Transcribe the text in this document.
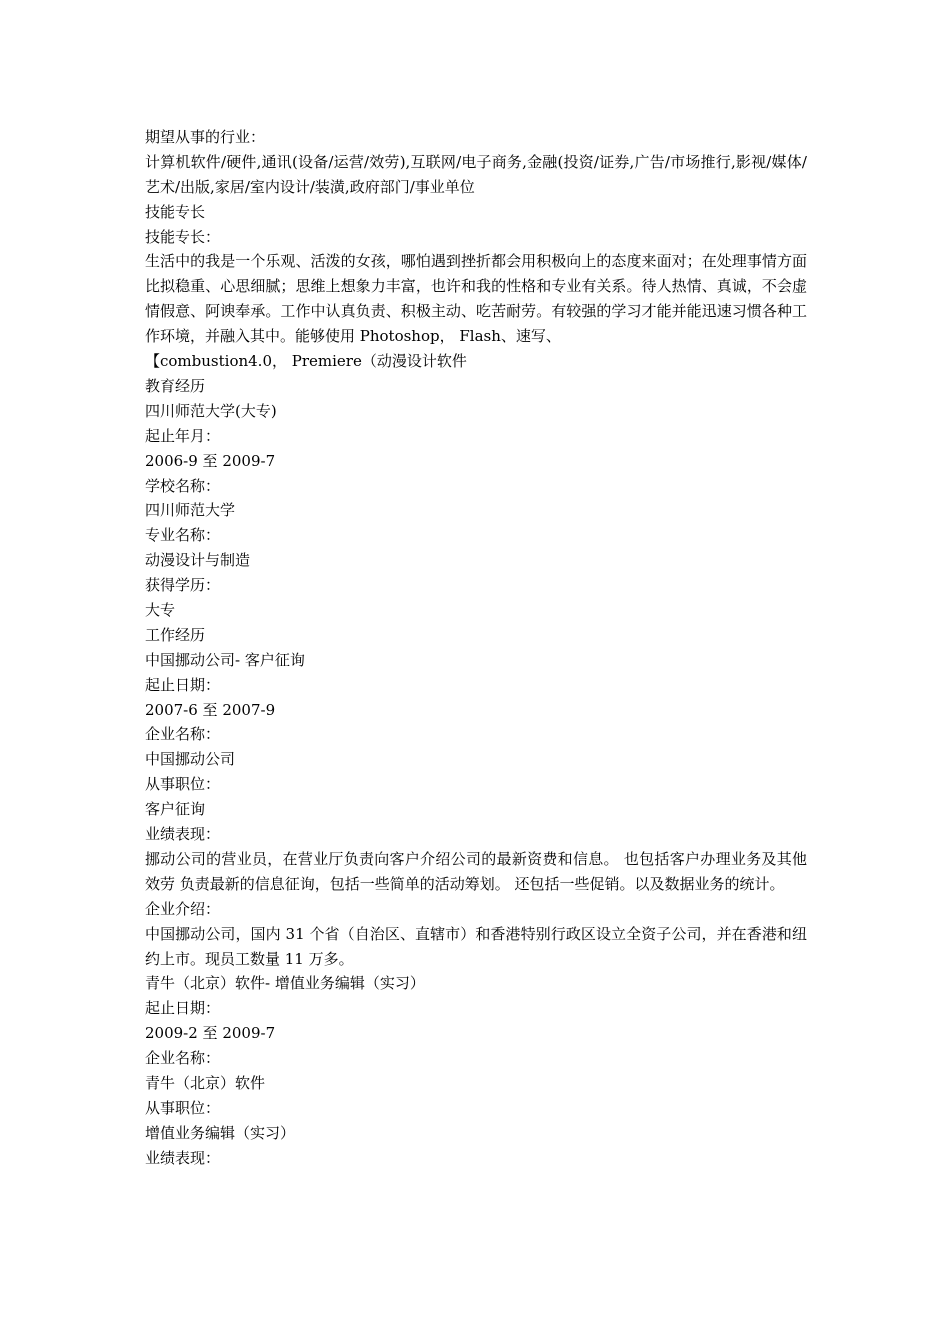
期望从事的行业：
计算机软件/硬件,通讯(设备/运营/效劳),互联网/电子商务,金融(投资/证券,广告/市场推行,影视/媒体/艺术/出版,家居/室内设计/装潢,政府部门/事业单位
技能专长
技能专长：
生活中的我是一个乐观、活泼的女孩，哪怕遇到挫折都会用积极向上的态度来面对；在处理事情方面比拟稳重、心思细腻；思维上想象力丰富，也许和我的性格和专业有关系。待人热情、真诚，不会虚情假意、阿谀奉承。工作中认真负责、积极主动、吃苦耐劳。有较强的学习才能并能迅速习惯各种工作环境，并融入其中。能够使用 Photoshop， Flash、速写、
【combustion4.0， Premiere（动漫设计软件
教育经历
四川师范大学(大专)
起止年月：
2006-9 至 2009-7
学校名称：
四川师范大学
专业名称：
动漫设计与制造
获得学历：
大专
工作经历
中国挪动公司- 客户征询
起止日期：
2007-6 至 2007-9
企业名称：
中国挪动公司
从事职位：
客户征询
业绩表现：
挪动公司的营业员，在营业厅负责向客户介绍公司的最新资费和信息。 也包括客户办理业务及其他效劳 负责最新的信息征询，包括一些简单的活动筹划。 还包括一些促销。以及数据业务的统计。
企业介绍：
中国挪动公司，国内 31 个省（自治区、直辖市）和香港特别行政区设立全资子公司，并在香港和纽约上市。现员工数量 11 万多。
青牛（北京）软件- 增值业务编辑（实习）
起止日期：
2009-2 至 2009-7
企业名称：
青牛（北京）软件
从事职位：
增值业务编辑（实习）
业绩表现：
